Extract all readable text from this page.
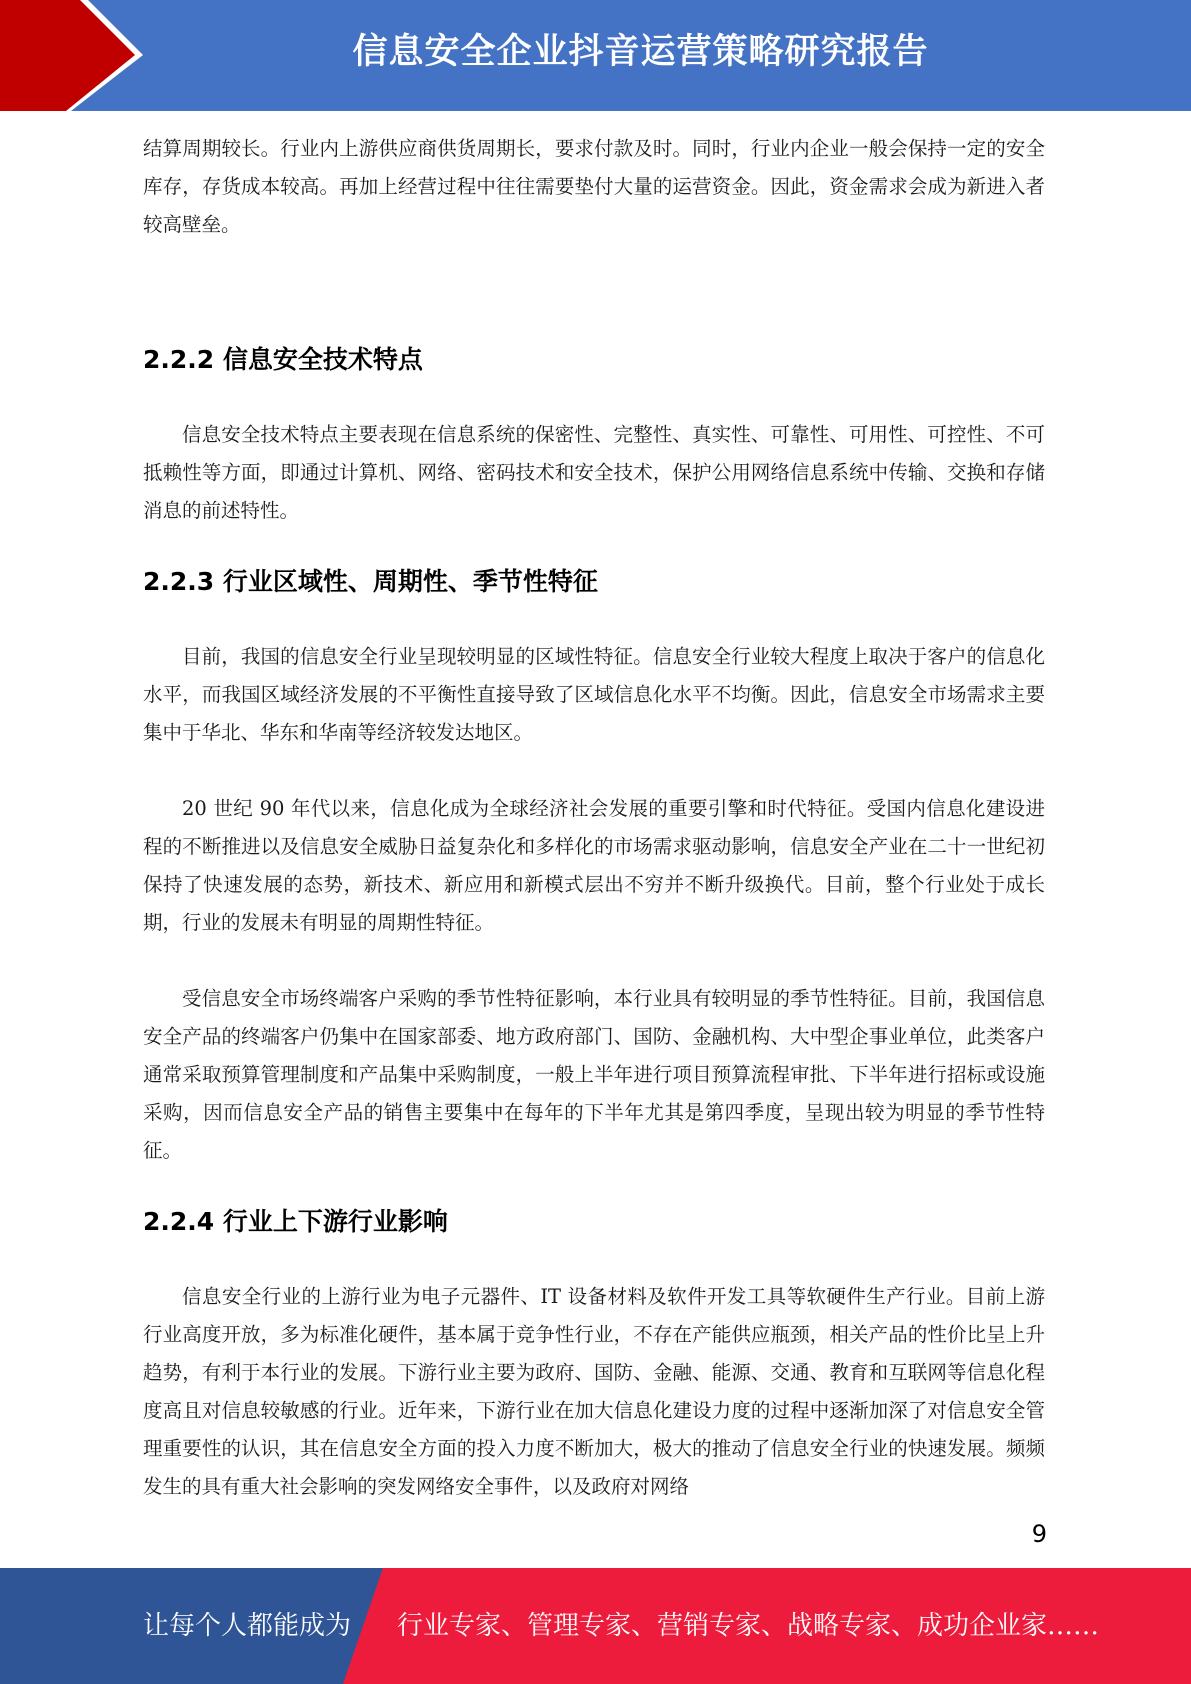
信息安全企业抖音运营策略研究报告

结算周期较长。行业内上游供应商供货周期长，要求付款及时。同时，行业内企业一般会保持一定的安全库存，存货成本较高。再加上经营过程中往往需要垫付大量的运营资金。因此，资金需求会成为新进入者较高壁垒。

2.2.2 信息安全技术特点

信息安全技术特点主要表现在信息系统的保密性、完整性、真实性、可靠性、可用性、可控性、不可抵赖性等方面，即通过计算机、网络、密码技术和安全技术，保护公用网络信息系统中传输、交换和存储消息的前述特性。

2.2.3 行业区域性、周期性、季节性特征

目前，我国的信息安全行业呈现较明显的区域性特征。信息安全行业较大程度上取决于客户的信息化水平，而我国区域经济发展的不平衡性直接导致了区域信息化水平不均衡。因此，信息安全市场需求主要集中于华北、华东和华南等经济较发达地区。

20 世纪 90 年代以来，信息化成为全球经济社会发展的重要引擎和时代特征。受国内信息化建设进程的不断推进以及信息安全威胁日益复杂化和多样化的市场需求驱动影响，信息安全产业在二十一世纪初保持了快速发展的态势，新技术、新应用和新模式层出不穷并不断升级换代。目前，整个行业处于成长期，行业的发展未有明显的周期性特征。

受信息安全市场终端客户采购的季节性特征影响，本行业具有较明显的季节性特征。目前，我国信息安全产品的终端客户仍集中在国家部委、地方政府部门、国防、金融机构、大中型企事业单位，此类客户通常采取预算管理制度和产品集中采购制度，一般上半年进行项目预算流程审批、下半年进行招标或设施采购，因而信息安全产品的销售主要集中在每年的下半年尤其是第四季度，呈现出较为明显的季节性特征。

2.2.4 行业上下游行业影响

信息安全行业的上游行业为电子元器件、IT 设备材料及软件开发工具等软硬件生产行业。目前上游行业高度开放，多为标准化硬件，基本属于竞争性行业，不存在产能供应瓶颈，相关产品的性价比呈上升趋势，有利于本行业的发展。下游行业主要为政府、国防、金融、能源、交通、教育和互联网等信息化程度高且对信息较敏感的行业。近年来，下游行业在加大信息化建设力度的过程中逐渐加深了对信息安全管理重要性的认识，其在信息安全方面的投入力度不断加大，极大的推动了信息安全行业的快速发展。频频发生的具有重大社会影响的突发网络安全事件，以及政府对网络

9
让每个人都能成为 行业专家、管理专家、营销专家、战略专家、成功企业家……
